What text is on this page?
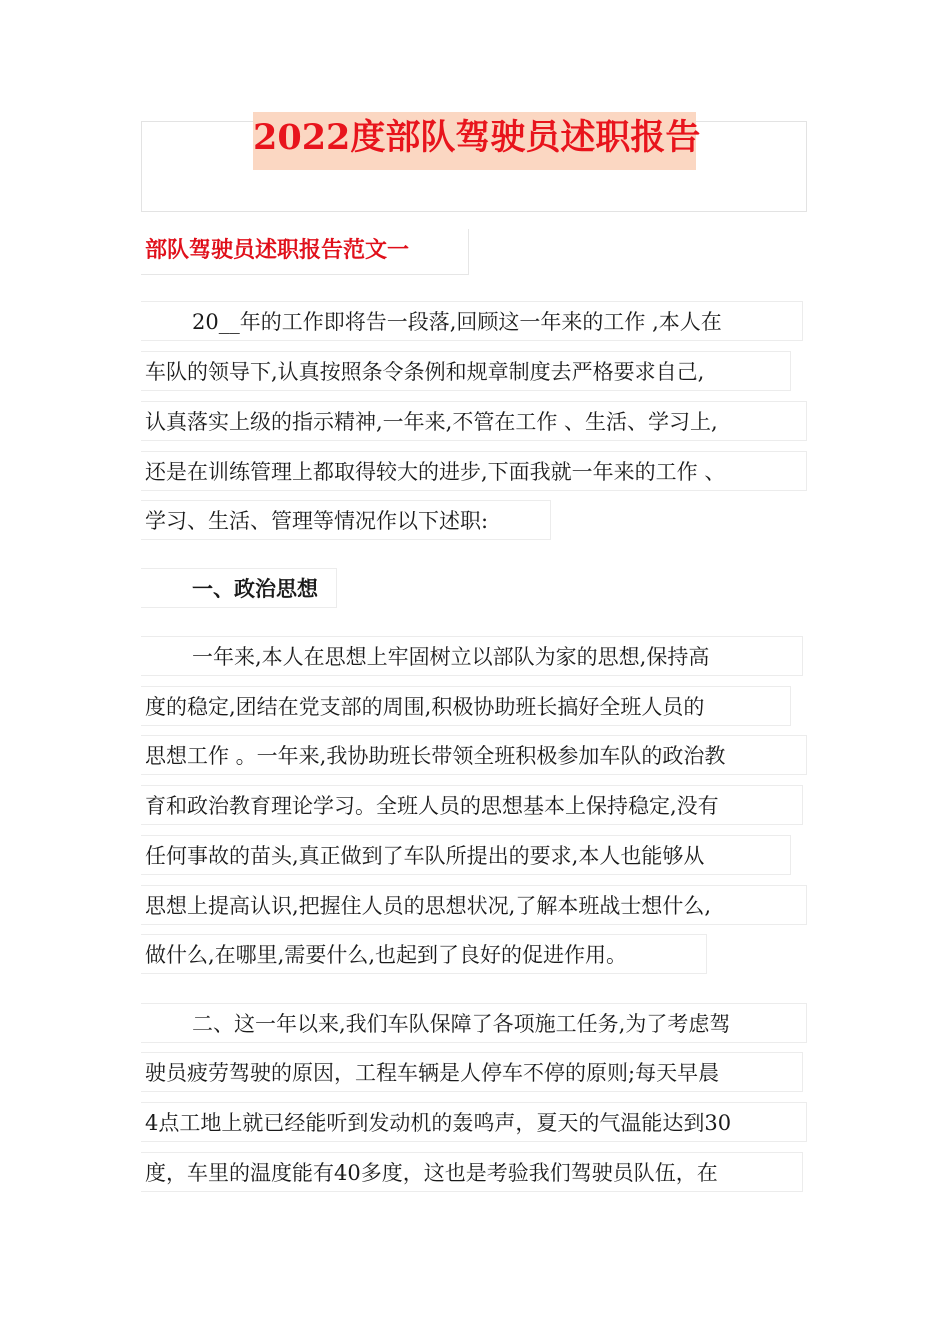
2022度部队驾驶员述职报告
部队驾驶员述职报告范文一
20__年的工作即将告一段落,回顾这一年来的工作 ,本人在
车队的领导下,认真按照条令条例和规章制度去严格要求自己,
认真落实上级的指示精神,一年来,不管在工作 、生活、学习上,
还是在训练管理上都取得较大的进步,下面我就一年来的工作 、
学习、生活、管理等情况作以下述职:
一、政治思想
一年来,本人在思想上牢固树立以部队为家的思想,保持高
度的稳定,团结在党支部的周围,积极协助班长搞好全班人员的
思想工作 。一年来,我协助班长带领全班积极参加车队的政治教
育和政治教育理论学习。全班人员的思想基本上保持稳定,没有
任何事故的苗头,真正做到了车队所提出的要求,本人也能够从
思想上提高认识,把握住人员的思想状况,了解本班战士想什么,
做什么,在哪里,需要什么,也起到了良好的促进作用。
二、这一年以来,我们车队保障了各项施工任务,为了考虑驾
驶员疲劳驾驶的原因，工程车辆是人停车不停的原则;每天早晨
4点工地上就已经能听到发动机的轰鸣声，夏天的气温能达到30
度，车里的温度能有40多度，这也是考验我们驾驶员队伍，在
